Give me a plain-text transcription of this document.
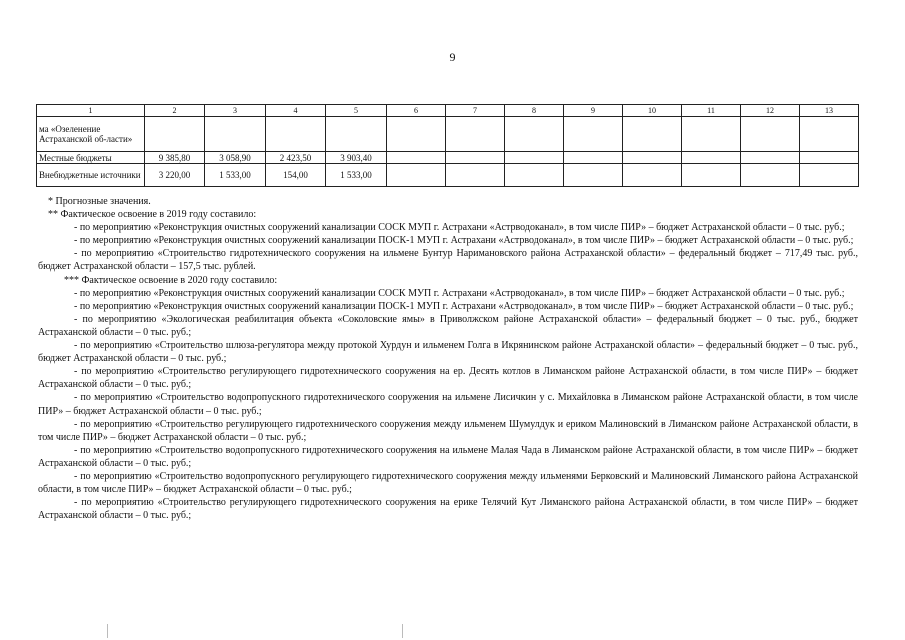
9
1	2	3	4	5	6	7	8	9	10	11	12	13
ма «Озеленение Астраханской об-ласти»												
Местные бюджеты	9 385,80	3 058,90	2 423,50	3 903,40								
Внебюджетные источники	3 220,00	1 533,00	154,00	1 533,00								

* Прогнозные значения.

** Фактическое освоение в 2019 году составило:

- по мероприятию «Реконструкция очистных сооружений канализации СОСК МУП г. Астрахани «Астрводоканал», в том числе ПИР» – бюджет Астраханской области – 0 тыс. руб.;

- по мероприятию «Реконструкция очистных сооружений канализации ПОСК-1 МУП г. Астрахани «Астрводоканал», в том числе ПИР» – бюджет Астраханской области – 0 тыс. руб.;

- по мероприятию «Строительство гидротехнического сооружения на ильмене Бунтур Наримановского района Астраханской области» – федеральный бюджет – 717,49 тыс. руб., бюджет Астраханской области – 157,5 тыс. рублей.

*** Фактическое освоение в 2020 году составило:

- по мероприятию «Реконструкция очистных сооружений канализации СОСК МУП г. Астрахани «Астрводоканал», в том числе ПИР» – бюджет Астраханской области – 0 тыс. руб.;

- по мероприятию «Реконструкция очистных сооружений канализации ПОСК-1 МУП г. Астрахани «Астрводоканал», в том числе ПИР» – бюджет Астраханской области – 0 тыс. руб.;

- по мероприятию «Экологическая реабилитация объекта «Соколовские ямы» в Приволжском районе Астраханской области» – федеральный бюджет – 0 тыс. руб., бюджет Астраханской области – 0 тыс. руб.;

- по мероприятию «Строительство шлюза-регулятора между протокой Хурдун и ильменем Голга в Икрянинском районе Астраханской области» – федеральный бюджет – 0 тыс. руб., бюджет Астраханской области – 0 тыс. руб.;

- по мероприятию «Строительство регулирующего гидротехнического сооружения на ер. Десять котлов в Лиманском районе Астраханской области, в том числе ПИР» – бюджет Астраханской области – 0 тыс. руб.;

- по мероприятию «Строительство водопропускного гидротехнического сооружения на ильмене Лисичкин у с. Михайловка в Лиманском районе Астраханской области, в том числе ПИР» – бюджет Астраханской области – 0 тыс. руб.;

- по мероприятию «Строительство регулирующего гидротехнического сооружения между ильменем Шумулдук и ериком Малиновский в Лиманском районе Астраханской области, в том числе ПИР» – бюджет Астраханской области – 0 тыс. руб.;

- по мероприятию «Строительство водопропускного гидротехнического сооружения на ильмене Малая Чада в Лиманском районе Астраханской области, в том числе ПИР» – бюджет Астраханской области – 0 тыс. руб.;

- по мероприятию «Строительство водопропускного регулирующего гидротехнического сооружения между ильменями Берковский и Малиновский Лиманского района Астраханской области, в том числе ПИР» – бюджет Астраханской области – 0 тыс. руб.;

- по мероприятию «Строительство регулирующего гидротехнического сооружения на ерике Телячий Кут Лиманского района Астраханской области, в том числе ПИР» – бюджет Астраханской области – 0 тыс. руб.;
